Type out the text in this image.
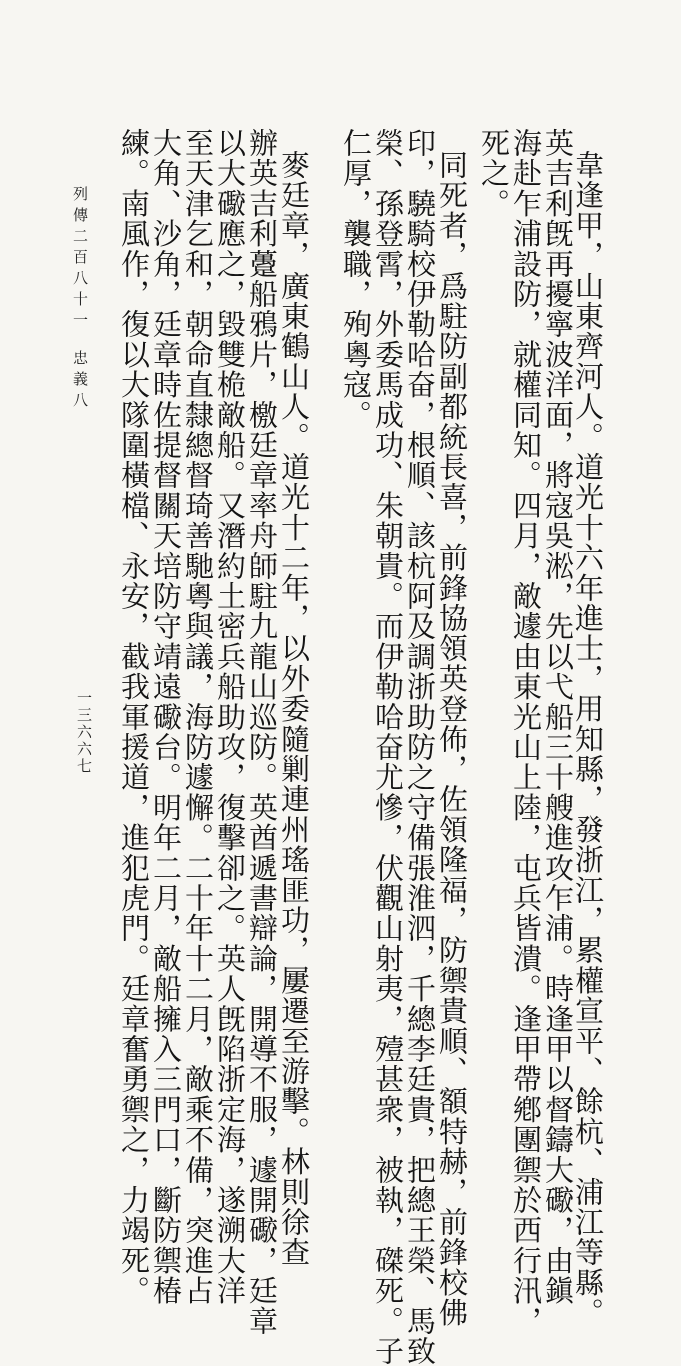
韋逢甲，山東齊河人。道光十六年進士，用知縣，發浙江，累權宣平、餘杭、浦江等縣。
英吉利旣再擾寧波洋面，將寇吳淞，先以弋船三十艘進攻乍浦。時逢甲以督鑄大礮，由鎭
海赴乍浦設防，就權同知。四月，敵遽由東光山上陸，屯兵皆潰。逢甲帶鄕團禦於西行汛，
死之。
同死者，爲駐防副都統長喜，前鋒協領英登佈，佐領隆福，防禦貴順、額特赫，前鋒校佛
印，驍騎校伊勒哈奋，根順、該杭阿及調浙助防之守備張淮泗，千總李廷貴，把總王榮、馬致
榮、孫登霄，外委馬成功、朱朝貴。而伊勒哈奋尤慘，伏觀山射夷，殪甚衆，被執，磔死。子
仁厚，襲職，殉粵寇。
麥廷章，廣東鶴山人。道光十二年，以外委隨剿連州瑤匪功，屢遷至游擊。林則徐查
辦英吉利躉船鴉片，檄廷章率舟師駐九龍山巡防。英酋遞書辯論，開導不服，遽開礮，廷章
以大礮應之，毀雙桅敵船。又潛約土密兵船助攻，復擊卻之。英人旣陷浙定海，遂溯大洋
至天津乞和，朝命直隸總督琦善馳粵與議，海防遽懈。二十年十二月，敵乘不備，突進占
大角、沙角，廷章時佐提督關天培防守靖遠礮台。明年二月，敵船擁入三門口，斷防禦椿
練。南風作，復以大隊圍橫檔、永安，截我軍援道，進犯虎門。廷章奮勇禦之，力竭死。
列傳二百八十一
忠義八
一三六六七
